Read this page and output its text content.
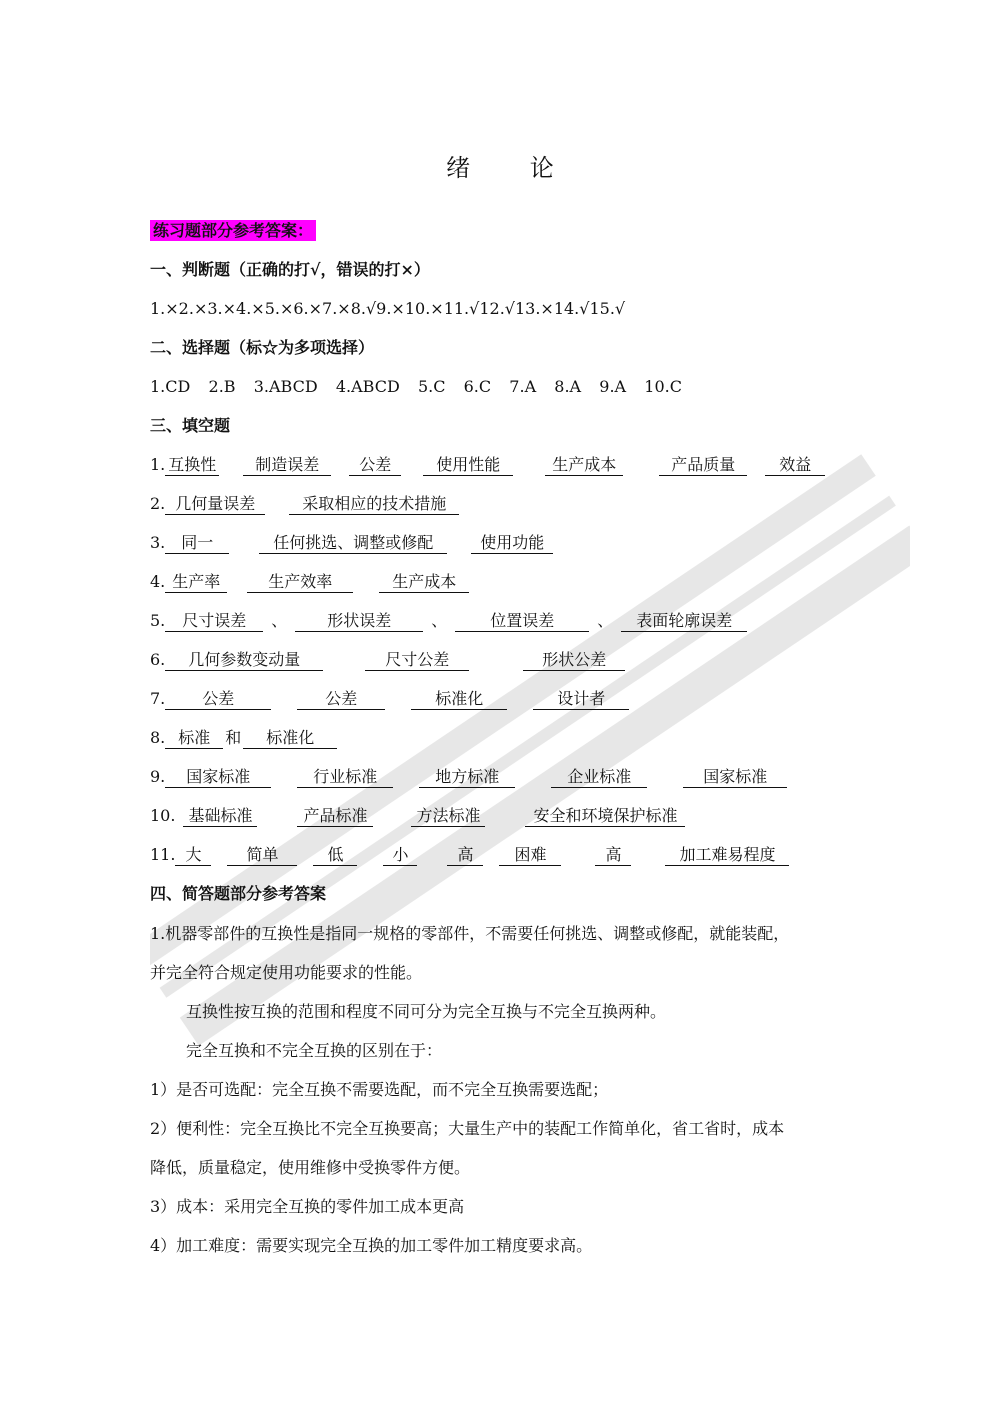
绪 论
练习题部分参考答案：
一、判断题（正确的打√，错误的打×）
1.×2.×3.×4.×5.×6.×7.×8.√9.×10.×11.√12.√13.×14.√15.√
二、选择题（标☆为多项选择）
1.CD  2.B  3.ABCD  4.ABCD  5.C  6.C  7.A  8.A  9.A  10.C
三、填空题
1. 互换性 制造误差 公差	使用性能	生产成本	产品质量	效益
2. 几何量误差	采取相应的技术措施
3. 同一	任何挑选、调整或修配	使用功能
4. 生产率	生产效率	生产成本
5. 尺寸误差 、 形状误差	、	位置误差	、 表面轮廓误差
6. 几何参数变动量	尺寸公差	形状公差
7. 公差	公差	标准化	设计者
8. 标准 和 标准化
9. 国家标准	行业标准	地方标准	企业标准	国家标准
10. 基础标准	产品标准	方法标准	安全和环境保护标准
11. 大	简单	低	小	高	困难	高	加工难易程度
四、简答题部分参考答案
1.机器零部件的互换性是指同一规格的零部件，不需要任何挑选、调整或修配，就能装配，
并完全符合规定使用功能要求的性能。
互换性按互换的范围和程度不同可分为完全互换与不完全互换两种。
完全互换和不完全互换的区别在于：
1）是否可选配：完全互换不需要选配，而不完全互换需要选配；
2）便利性：完全互换比不完全互换要高；大量生产中的装配工作简单化，省工省时，成本
降低，质量稳定，使用维修中受换零件方便。
3）成本：采用完全互换的零件加工成本更高
4）加工难度：需要实现完全互换的加工零件加工精度要求高。
